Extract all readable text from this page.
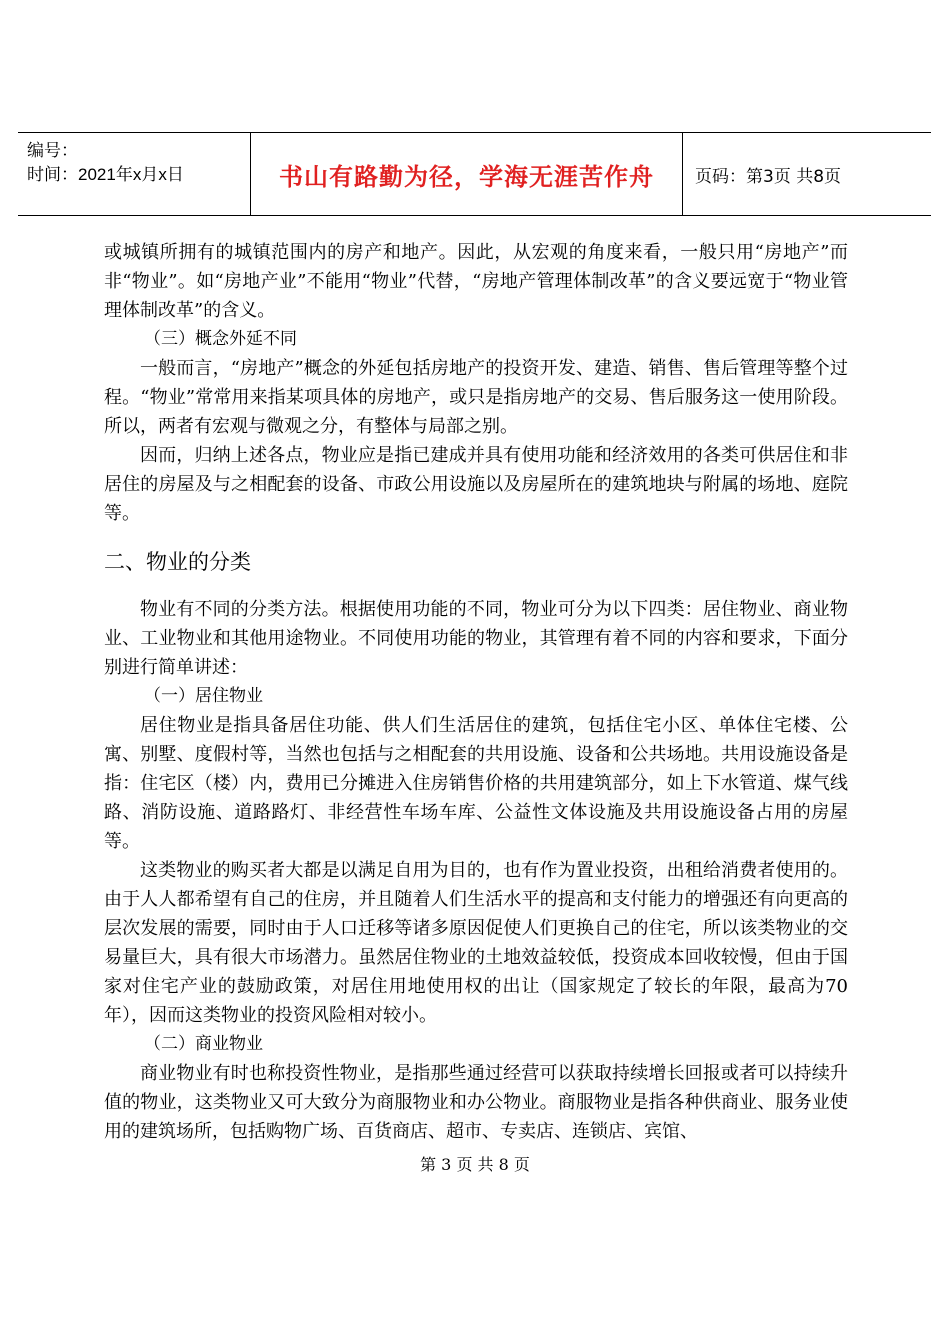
编号：
时间：2021年x月x日	书山有路勤为径，学海无涯苦作舟	页码：第3页 共8页

或城镇所拥有的城镇范围内的房产和地产。因此，从宏观的角度来看，一般只用“房地产”而非“物业”。如“房地产业”不能用“物业”代替，“房地产管理体制改革”的含义要远宽于“物业管理体制改革”的含义。

（三）概念外延不同

一般而言，“房地产”概念的外延包括房地产的投资开发、建造、销售、售后管理等整个过程。“物业”常常用来指某项具体的房地产，或只是指房地产的交易、售后服务这一使用阶段。所以，两者有宏观与微观之分，有整体与局部之别。

因而，归纳上述各点，物业应是指已建成并具有使用功能和经济效用的各类可供居住和非居住的房屋及与之相配套的设备、市政公用设施以及房屋所在的建筑地块与附属的场地、庭院等。

二、物业的分类

物业有不同的分类方法。根据使用功能的不同，物业可分为以下四类：居住物业、商业物业、工业物业和其他用途物业。不同使用功能的物业，其管理有着不同的内容和要求，下面分别进行简单讲述：

（一）居住物业

居住物业是指具备居住功能、供人们生活居住的建筑，包括住宅小区、单体住宅楼、公寓、别墅、度假村等，当然也包括与之相配套的共用设施、设备和公共场地。共用设施设备是指：住宅区（楼）内，费用已分摊进入住房销售价格的共用建筑部分，如上下水管道、煤气线路、消防设施、道路路灯、非经营性车场车库、公益性文体设施及共用设施设备占用的房屋等。

这类物业的购买者大都是以满足自用为目的，也有作为置业投资，出租给消费者使用的。由于人人都希望有自己的住房，并且随着人们生活水平的提高和支付能力的增强还有向更高的层次发展的需要，同时由于人口迁移等诸多原因促使人们更换自己的住宅，所以该类物业的交易量巨大，具有很大市场潜力。虽然居住物业的土地效益较低，投资成本回收较慢，但由于国家对住宅产业的鼓励政策，对居住用地使用权的出让（国家规定了较长的年限，最高为70年），因而这类物业的投资风险相对较小。

（二）商业物业

商业物业有时也称投资性物业，是指那些通过经营可以获取持续增长回报或者可以持续升值的物业，这类物业又可大致分为商服物业和办公物业。商服物业是指各种供商业、服务业使用的建筑场所，包括购物广场、百货商店、超市、专卖店、连锁店、宾馆、

第 3 页 共 8 页
